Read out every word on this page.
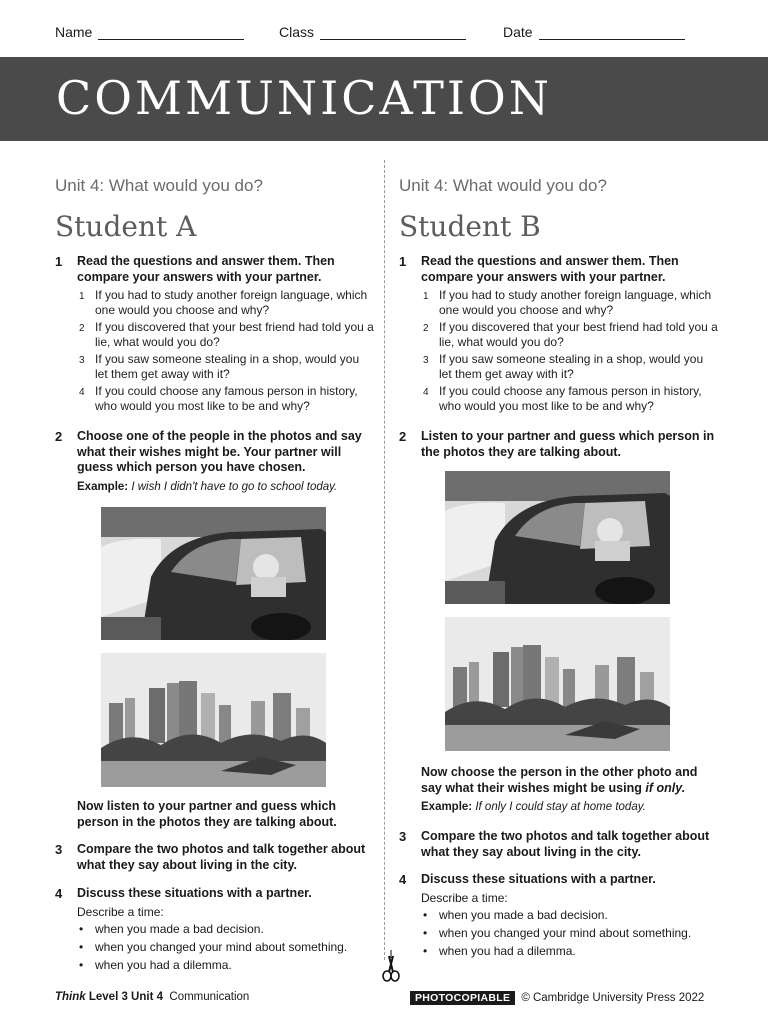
Name	Class	Date
COMMUNICATION
Unit 4: What would you do?
Student A
1 Read the questions and answer them. Then compare your answers with your partner.
1 If you had to study another foreign language, which one would you choose and why?
2 If you discovered that your best friend had told you a lie, what would you do?
3 If you saw someone stealing in a shop, would you let them get away with it?
4 If you could choose any famous person in history, who would you most like to be and why?
2 Choose one of the people in the photos and say what their wishes might be. Your partner will guess which person you have chosen.
Example: I wish I didn't have to go to school today.
Now listen to your partner and guess which person in the photos they are talking about.
3 Compare the two photos and talk together about what they say about living in the city.
4 Discuss these situations with a partner.
Describe a time:
• when you made a bad decision.
• when you changed your mind about something.
• when you had a dilemma.
Unit 4: What would you do?
Student B
1 Read the questions and answer them. Then compare your answers with your partner.
1 If you had to study another foreign language, which one would you choose and why?
2 If you discovered that your best friend had told you a lie, what would you do?
3 If you saw someone stealing in a shop, would you let them get away with it?
4 If you could choose any famous person in history, who would you most like to be and why?
2 Listen to your partner and guess which person in the photos they are talking about.
Now choose the person in the other photo and say what their wishes might be using if only.
Example: If only I could stay at home today.
3 Compare the two photos and talk together about what they say about living in the city.
4 Discuss these situations with a partner.
Describe a time:
• when you made a bad decision.
• when you changed your mind about something.
• when you had a dilemma.
Think Level 3 Unit 4 Communication	PHOTOCOPIABLE © Cambridge University Press 2022
